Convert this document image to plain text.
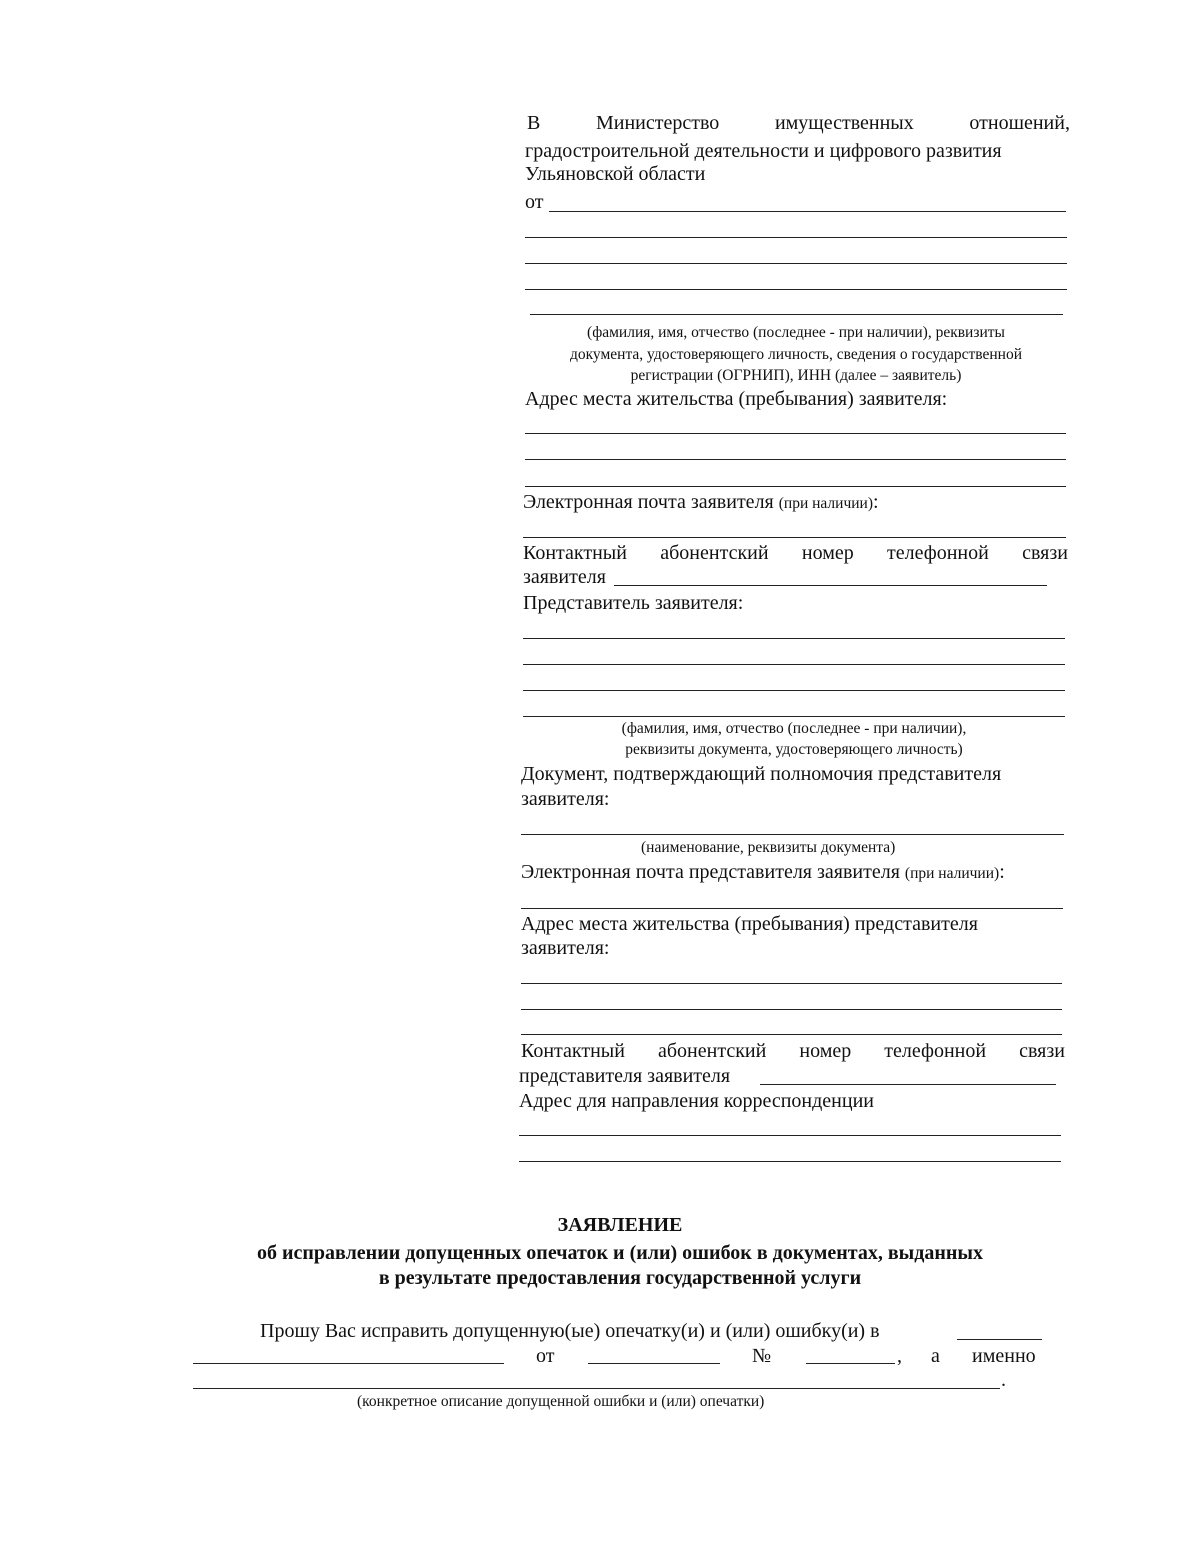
В	Министерство	имущественных	отношений,
градостроительной деятельности и цифрового развития
Ульяновской области
от
(фамилия, имя, отчество (последнее - при наличии), реквизиты
документа, удостоверяющего личность, сведения о государственной
регистрации (ОГРНИП), ИНН (далее – заявитель)
Адрес места жительства (пребывания) заявителя:
Электронная почта заявителя (при наличии):
Контактный абонентский номер телефонной связи
заявителя
Представитель заявителя:
(фамилия, имя, отчество (последнее - при наличии),
реквизиты документа, удостоверяющего личность)
Документ, подтверждающий полномочия представителя
заявителя:
(наименование, реквизиты документа)
Электронная почта представителя заявителя (при наличии):
Адрес места жительства (пребывания) представителя
заявителя:
Контактный абонентский номер телефонной связи
представителя заявителя
Адрес для направления корреспонденции
ЗАЯВЛЕНИЕ
об исправлении допущенных опечаток и (или) ошибок в документах, выданных
в результате предоставления государственной услуги
Прошу Вас исправить допущенную(ые) опечатку(и) и (или) ошибку(и) в
от	№	, а именно
.
(конкретное описание допущенной ошибки и (или) опечатки)
